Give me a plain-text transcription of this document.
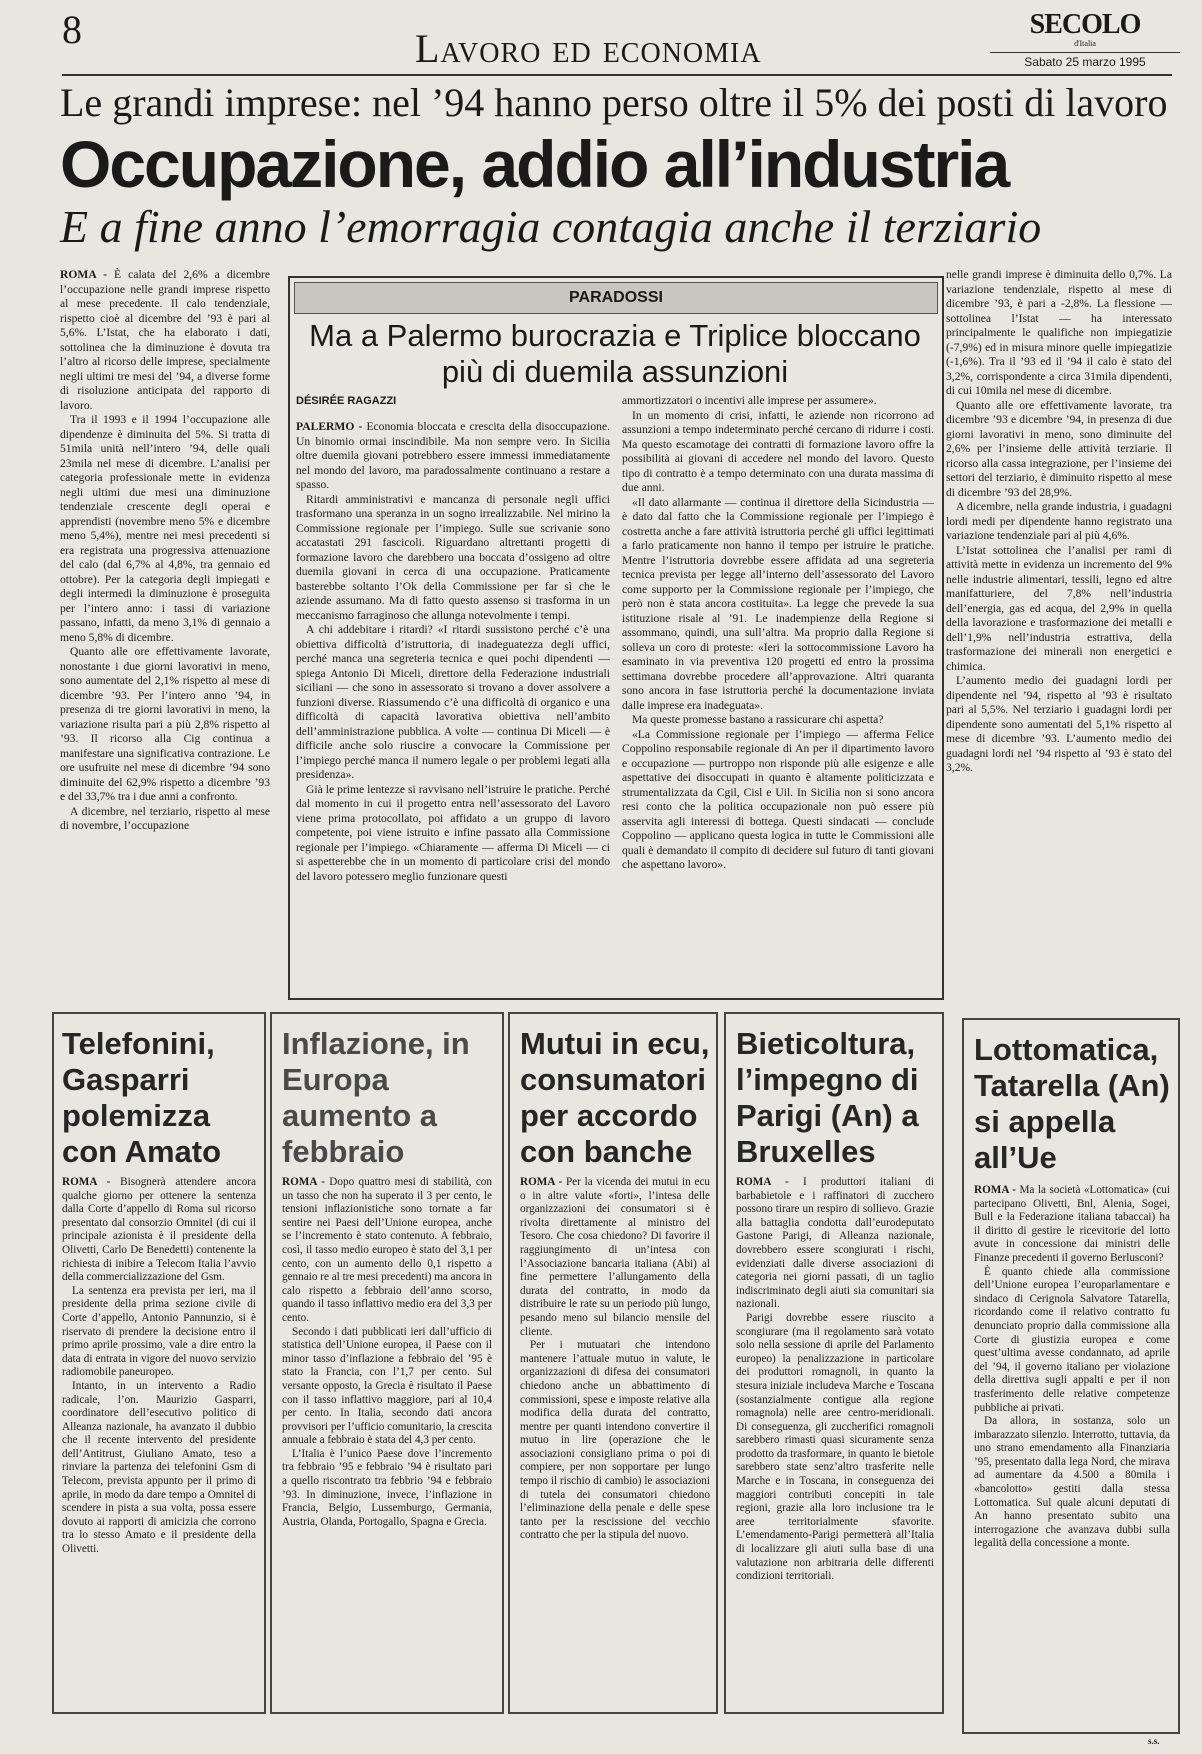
8	Lavoro ed economia
SECOLO
d'Italia
Sabato 25 marzo 1995
Le grandi imprese: nel ’94 hanno perso oltre il 5% dei posti di lavoro
Occupazione, addio all’industria
E a fine anno l’emorragia contagia anche il terziario

ROMA - È calata del 2,6% a dicembre l’occupazione nelle grandi imprese rispetto al mese precedente. Il calo tendenziale, rispetto cioè al dicembre del ’93 è pari al 5,6%. L’Istat, che ha elaborato i dati, sottolinea che la diminuzione è dovuta tra l’altro al ricorso delle imprese, specialmente negli ultimi tre mesi del ’94, a diverse forme di risoluzione anticipata del rapporto di lavoro.

Tra il 1993 e il 1994 l’occupazione alle dipendenze è diminuita del 5%. Si tratta di 51mila unità nell’intero ’94, delle quali 23mila nel mese di dicembre. L’analisi per categoria professionale mette in evidenza negli ultimi due mesi una diminuzione tendenziale crescente degli operai e apprendisti (novembre meno 5% e dicembre meno 5,4%), mentre nei mesi precedenti si era registrata una progressiva attenuazione del calo (dal 6,7% al 4,8%, tra gennaio ed ottobre). Per la categoria degli impiegati e degli intermedi la diminuzione è proseguita per l’intero anno: i tassi di variazione passano, infatti, da meno 3,1% di gennaio a meno 5,8% di dicembre.

Quanto alle ore effettivamente lavorate, nonostante i due giorni lavorativi in meno, sono aumentate del 2,1% rispetto al mese di dicembre ’93. Per l’intero anno ’94, in presenza di tre giorni lavorativi in meno, la variazione risulta pari a più 2,8% rispetto al ’93. Il ricorso alla Cig continua a manifestare una significativa contrazione. Le ore usufruite nel mese di dicembre ’94 sono diminuite del 62,9% rispetto a dicembre ’93 e del 33,7% tra i due anni a confronto.

A dicembre, nel terziario, rispetto al mese di novembre, l’occupazione

PARADOSSI
Ma a Palermo burocrazia e Triplice bloccano più di duemila assunzioni
DÉSIRÉE RAGAZZI

PALERMO - Economia bloccata e crescita della disoccupazione. Un binomio ormai inscindibile. Ma non sempre vero. In Sicilia oltre duemila giovani potrebbero essere immessi immediatamente nel mondo del lavoro, ma paradossalmente continuano a restare a spasso.

Ritardi amministrativi e mancanza di personale negli uffici trasformano una speranza in un sogno irrealizzabile. Nel mirino la Commissione regionale per l’impiego. Sulle sue scrivanie sono accatastati 291 fascicoli. Riguardano altrettanti progetti di formazione lavoro che darebbero una boccata d’ossigeno ad oltre duemila giovani in cerca di una occupazione. Praticamente basterebbe soltanto l’Ok della Commissione per far sì che le aziende assumano. Ma di fatto questo assenso si trasforma in un meccanismo farraginoso che allunga notevolmente i tempi.

A chi addebitare i ritardi? «I ritardi sussistono perché c’è una obiettiva difficoltà d’istruttoria, di inadeguatezza degli uffici, perché manca una segreteria tecnica e quei pochi dipendenti — spiega Antonio Di Miceli, direttore della Federazione industriali siciliani — che sono in assessorato si trovano a dover assolvere a funzioni diverse. Riassumendo c’è una difficoltà di organico e una difficoltà di capacità lavorativa obiettiva nell’ambito dell’amministrazione pubblica. A volte — continua Di Miceli — è difficile anche solo riuscire a convocare la Commissione per l’impiego perché manca il numero legale o per problemi legati alla presidenza».

Già le prime lentezze si ravvisano nell’istruire le pratiche. Perché dal momento in cui il progetto entra nell’assessorato del Lavoro viene prima protocollato, poi affidato a un gruppo di lavoro competente, poi viene istruito e infine passato alla Commissione regionale per l’impiego. «Chiaramente — afferma Di Miceli — ci si aspetterebbe che in un momento di particolare crisi del mondo del lavoro potessero meglio funzionare questi

ammortizzatori o incentivi alle imprese per assumere».

In un momento di crisi, infatti, le aziende non ricorrono ad assunzioni a tempo indeterminato perché cercano di ridurre i costi. Ma questo escamotage dei contratti di formazione lavoro offre la possibilità ai giovani di accedere nel mondo del lavoro. Questo tipo di contratto è a tempo determinato con una durata massima di due anni.

«Il dato allarmante — continua il direttore della Sicindustria — è dato dal fatto che la Commissione regionale per l’impiego è costretta anche a fare attività istruttoria perché gli uffici legittimati a farlo praticamente non hanno il tempo per istruire le pratiche. Mentre l’istruttoria dovrebbe essere affidata ad una segreteria tecnica prevista per legge all’interno dell’assessorato del Lavoro come supporto per la Commissione regionale per l’impiego, che però non è stata ancora costituita». La legge che prevede la sua istituzione risale al ’91. Le inadempienze della Regione si assommano, quindi, una sull’altra. Ma proprio dalla Regione si solleva un coro di proteste: «Ieri la sottocommissione Lavoro ha esaminato in via preventiva 120 progetti ed entro la prossima settimana dovrebbe procedere all’approvazione. Altri quaranta sono ancora in fase istruttoria perché la documentazione inviata dalle imprese era inadeguata».

Ma queste promesse bastano a rassicurare chi aspetta?

«La Commissione regionale per l’impiego — afferma Felice Coppolino responsabile regionale di An per il dipartimento lavoro e occupazione — purtroppo non risponde più alle esigenze e alle aspettative dei disoccupati in quanto è altamente politicizzata e strumentalizzata da Cgil, Cisl e Uil. In Sicilia non si sono ancora resi conto che la politica occupazionale non può essere più asservita agli interessi di bottega. Questi sindacati — conclude Coppolino — applicano questa logica in tutte le Commissioni alle quali è demandato il compito di decidere sul futuro di tanti giovani che aspettano lavoro».

nelle grandi imprese è diminuita dello 0,7%. La variazione tendenziale, rispetto al mese di dicembre ’93, è pari a -2,8%. La flessione — sottolinea l’Istat — ha interessato principalmente le qualifiche non impiegatizie (-7,9%) ed in misura minore quelle impiegatizie (-1,6%). Tra il ’93 ed il ’94 il calo è stato del 3,2%, corrispondente a circa 31mila dipendenti, di cui 10mila nel mese di dicembre.

Quanto alle ore effettivamente lavorate, tra dicembre ’93 e dicembre ’94, in presenza di due giorni lavorativi in meno, sono diminuite del 2,6% per l’insieme delle attività terziarie. Il ricorso alla cassa integrazione, per l’insieme dei settori del terziario, è diminuito rispetto al mese di dicembre ’93 del 28,9%.

A dicembre, nella grande industria, i guadagni lordi medi per dipendente hanno registrato una variazione tendenziale pari al più 4,6%.

L’Istat sottolinea che l’analisi per rami di attività mette in evidenza un incremento del 9% nelle industrie alimentari, tessili, legno ed altre manifatturiere, del 7,8% nell’industria dell’energia, gas ed acqua, del 2,9% in quella della lavorazione e trasformazione dei metalli e dell’1,9% nell’industria estrattiva, della trasformazione dei minerali non energetici e chimica.

L’aumento medio dei guadagni lordi per dipendente nel ’94, rispetto al ’93 è risultato pari al 5,5%. Nel terziario i guadagni lordi per dipendente sono aumentati del 5,1% rispetto al mese di dicembre ’93. L’aumento medio dei guadagni lordi nel ’94 rispetto al ’93 è stato del 3,2%.

Telefonini, Gasparri polemizza con Amato

ROMA - Bisognerà attendere ancora qualche giorno per ottenere la sentenza dalla Corte d’appello di Roma sul ricorso presentato dal consorzio Omnitel (di cui il principale azionista è il presidente della Olivetti, Carlo De Benedetti) contenente la richiesta di inibire a Telecom Italia l’avvio della commercializzazione del Gsm.

La sentenza era prevista per ieri, ma il presidente della prima sezione civile di Corte d’appello, Antonio Pannunzio, si è riservato di prendere la decisione entro il primo aprile prossimo, vale a dire entro la data di entrata in vigore del nuovo servizio radiomobile paneuropeo.

Intanto, in un intervento a Radio radicale, l’on. Maurizio Gasparri, coordinatore dell’esecutivo politico di Alleanza nazionale, ha avanzato il dubbio che il recente intervento del presidente dell’Antitrust, Giuliano Amato, teso a rinviare la partenza dei telefonini Gsm di Telecom, prevista appunto per il primo di aprile, in modo da dare tempo a Omnitel di scendere in pista a sua volta, possa essere dovuto ai rapporti di amicizia che corrono tra lo stesso Amato e il presidente della Olivetti.

Inflazione, in Europa aumento a febbraio

ROMA - Dopo quattro mesi di stabilità, con un tasso che non ha superato il 3 per cento, le tensioni inflazionistiche sono tornate a far sentire nei Paesi dell’Unione europea, anche se l’incremento è stato contenuto. A febbraio, così, il tasso medio europeo è stato del 3,1 per cento, con un aumento dello 0,1 rispetto a gennaio re al tre mesi precedenti) ma ancora in calo rispetto a febbraio dell’anno scorso, quando il tasso inflattivo medio era del 3,3 per cento.

Secondo i dati pubblicati ieri dall’ufficio di statistica dell’Unione europea, il Paese con il minor tasso d’inflazione a febbraio del ’95 è stato la Francia, con l’1,7 per cento. Sul versante opposto, la Grecia è risultato il Paese con il tasso inflattivo maggiore, pari al 10,4 per cento. In Italia, secondo dati ancora provvisori per l’ufficio comunitario, la crescita annuale a febbraio è stata del 4,3 per cento.

L’Italia è l’unico Paese dove l’incremento tra febbraio ’95 e febbraio ’94 è risultato pari a quello riscontrato tra febbrio ’94 e febbraio ’93. In diminuzione, invece, l’inflazione in Francia, Belgio, Lussemburgo, Germania, Austria, Olanda, Portogallo, Spagna e Grecia.

Mutui in ecu, consumatori per accordo con banche

ROMA - Per la vicenda dei mutui in ecu o in altre valute «forti», l’intesa delle organizzazioni dei consumatori si è rivolta direttamente al ministro del Tesoro. Che cosa chiedono? Di favorire il raggiungimento di un’intesa con l’Associazione bancaria italiana (Abi) al fine permettere l’allungamento della durata del contratto, in modo da distribuire le rate su un periodo più lungo, pesando meno sul bilancio mensile del cliente.

Per i mutuatari che intendono mantenere l’attuale mutuo in valute, le organizzazioni di difesa dei consumatori chiedono anche un abbattimento di commissioni, spese e imposte relative alla modifica della durata del contratto, mentre per quanti intendono convertire il mutuo in lire (operazione che le associazioni consigliano prima o poi di compiere, per non sopportare per lungo tempo il rischio di cambio) le associazioni di tutela dei consumatori chiedono l’eliminazione della penale e delle spese tanto per la rescissione del vecchio contratto che per la stipula del nuovo.

Bieticoltura, l’impegno di Parigi (An) a Bruxelles

ROMA - I produttori italiani di barbabietole e i raffinatori di zucchero possono tirare un respiro di sollievo. Grazie alla battaglia condotta dall’eurodeputato Gastone Parigi, di Alleanza nazionale, dovrebbero essere scongiurati i rischi, evidenziati dalle diverse associazioni di categoria nei giorni passati, di un taglio indiscriminato degli aiuti sia comunitari sia nazionali.

Parigi dovrebbe essere riuscito a scongiurare (ma il regolamento sarà votato solo nella sessione di aprile del Parlamento europeo) la penalizzazione in particolare dei produttori romagnoli, in quanto la stesura iniziale includeva Marche e Toscana (sostanzialmente contigue alla regione romagnola) nelle aree centro-meridionali. Di conseguenza, gli zuccherifici romagnoli sarebbero rimasti quasi sicuramente senza prodotto da trasformare, in quanto le bietole sarebbero state senz’altro trasferite nelle Marche e in Toscana, in conseguenza dei maggiori contributi concepiti in tale regioni, grazie alla loro inclusione tra le aree territorialmente sfavorite. L’emendamento-Parigi permetterà all’Italia di localizzare gli aiuti sulla base di una valutazione non arbitraria delle differenti condizioni territoriali.

Lottomatica, Tatarella (An) si appella all’Ue

ROMA - Ma la società «Lottomatica» (cui partecipano Olivetti, Bnl, Alenia, Sogei, Bull e la Federazione italiana tabaccai) ha il diritto di gestire le ricevitorie del lotto avute in concessione dai ministri delle Finanze precedenti il governo Berlusconi?

È quanto chiede alla commissione dell’Unione europea l’europarlamentare e sindaco di Cerignola Salvatore Tatarella, ricordando come il relativo contratto fu denunciato proprio dalla commissione alla Corte di giustizia europea e come quest’ultima avesse condannato, ad aprile del ’94, il governo italiano per violazione della direttiva sugli appalti e per il non trasferimento delle relative competenze pubbliche ai privati.

Da allora, in sostanza, solo un imbarazzato silenzio. Interrotto, tuttavia, da uno strano emendamento alla Finanziaria ’95, presentato dalla lega Nord, che mirava ad aumentare da 4.500 a 80mila i «bancolotto» gestiti dalla stessa Lottomatica. Sul quale alcuni deputati di An hanno presentato subito una interrogazione che avanzava dubbi sulla legalità della concessione a monte.

s.s.
